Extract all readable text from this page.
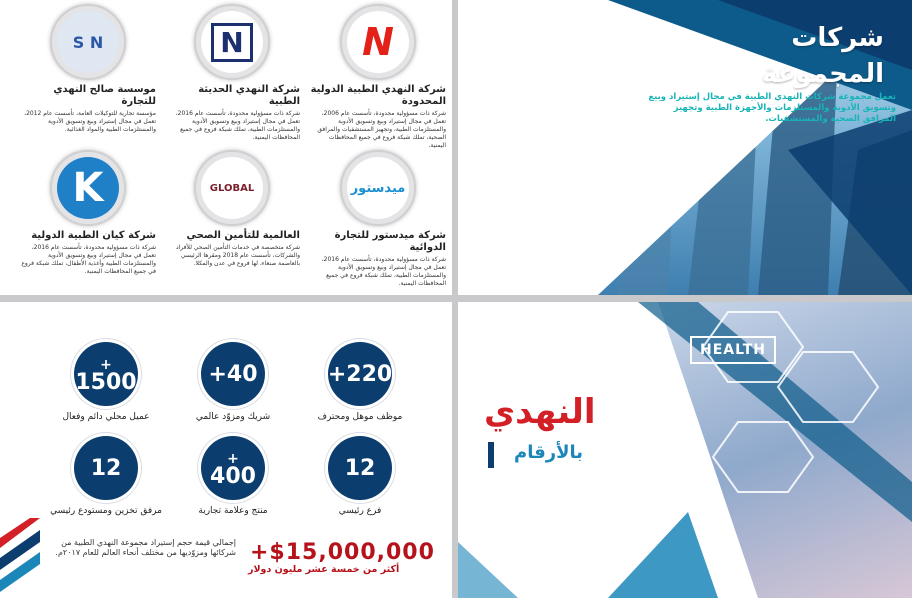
N
شركة النهدي الطبية الدولية المحدودة
شركة ذات مسؤولية محدودة، تأسست عام 2006، تعمل في مجال إستيراد وبيع وتسويق الأدوية والمستلزمات الطبية، وتجهيز المستشفيات والمرافق الصحية، تملك شبكة فروع في جميع المحافظات اليمنية.
N
شركة النهدي الحديثة الطبية
شركة ذات مسؤولية محدودة، تأسست عام 2016، تعمل في مجال إستيراد وبيع وتسويق الأدوية والمستلزمات الطبية، تملك شبكة فروع في جميع المحافظات اليمنية.
S N
موسسة صالح النهدي للتجارة
مؤسسة تجارية للتوكيلات العامة، تأسست عام 2012، تعمل في مجال إستيراد وبيع وتسويق الأدوية والمستلزمات الطبية والمواد الغذائية.
ميدستور
شركة ميدستور للتجارة الدوائية
شركة ذات مسؤولية محدودة، تأسست عام 2016، تعمل في مجال إستيراد وبيع وتسويق الأدوية والمستلزمات الطبية، تملك شبكة فروع في جميع المحافظات اليمنية.
GLOBAL
العالمية للتأمين الصحي
شركة متخصصة في خدمات التأمين الصحي للأفراد والشركات، تأسست عام 2018 ومقرها الرئيسي بالعاصمة صنعاء، لها فروع في عدن والمكلا.
K
شركة كيان الطبية الدولية
شركة ذات مسؤولية محدودة، تأسست عام 2016، تعمل في مجال إستيراد وبيع وتسويق الأدوية والمستلزمات الطبية وأغذية الأطفال، تملك شبكة فروع في جميع المحافظات اليمنية.
شركات
المجموعة
تعمل مجموعة شركات النهدي الطبية في مجال إستيراد وبيع وتسويق الأدوية والمستلزمات والأجهزة الطبية وتجهيز المرافق الصحية والمستشفيات.
+220
موظف موهل ومحترف
+40
شريك ومزوّد عالمي
+
1500
عميل محلي دائم وفعال
12
فرع رئيسي
+
400
منتج وعلامة تجارية
12
مرفق تخزين ومستودع رئيسي
+$15,000,000
أكثر من خمسة عشر مليون دولار
إجمالي قيمة حجم إستيراد مجموعة النهدي الطبية من شركائها ومزوّديها من مختلف أنحاء العالم للعام ٢٠١٧م.
HEALTH
النهدي
بالأرقام
